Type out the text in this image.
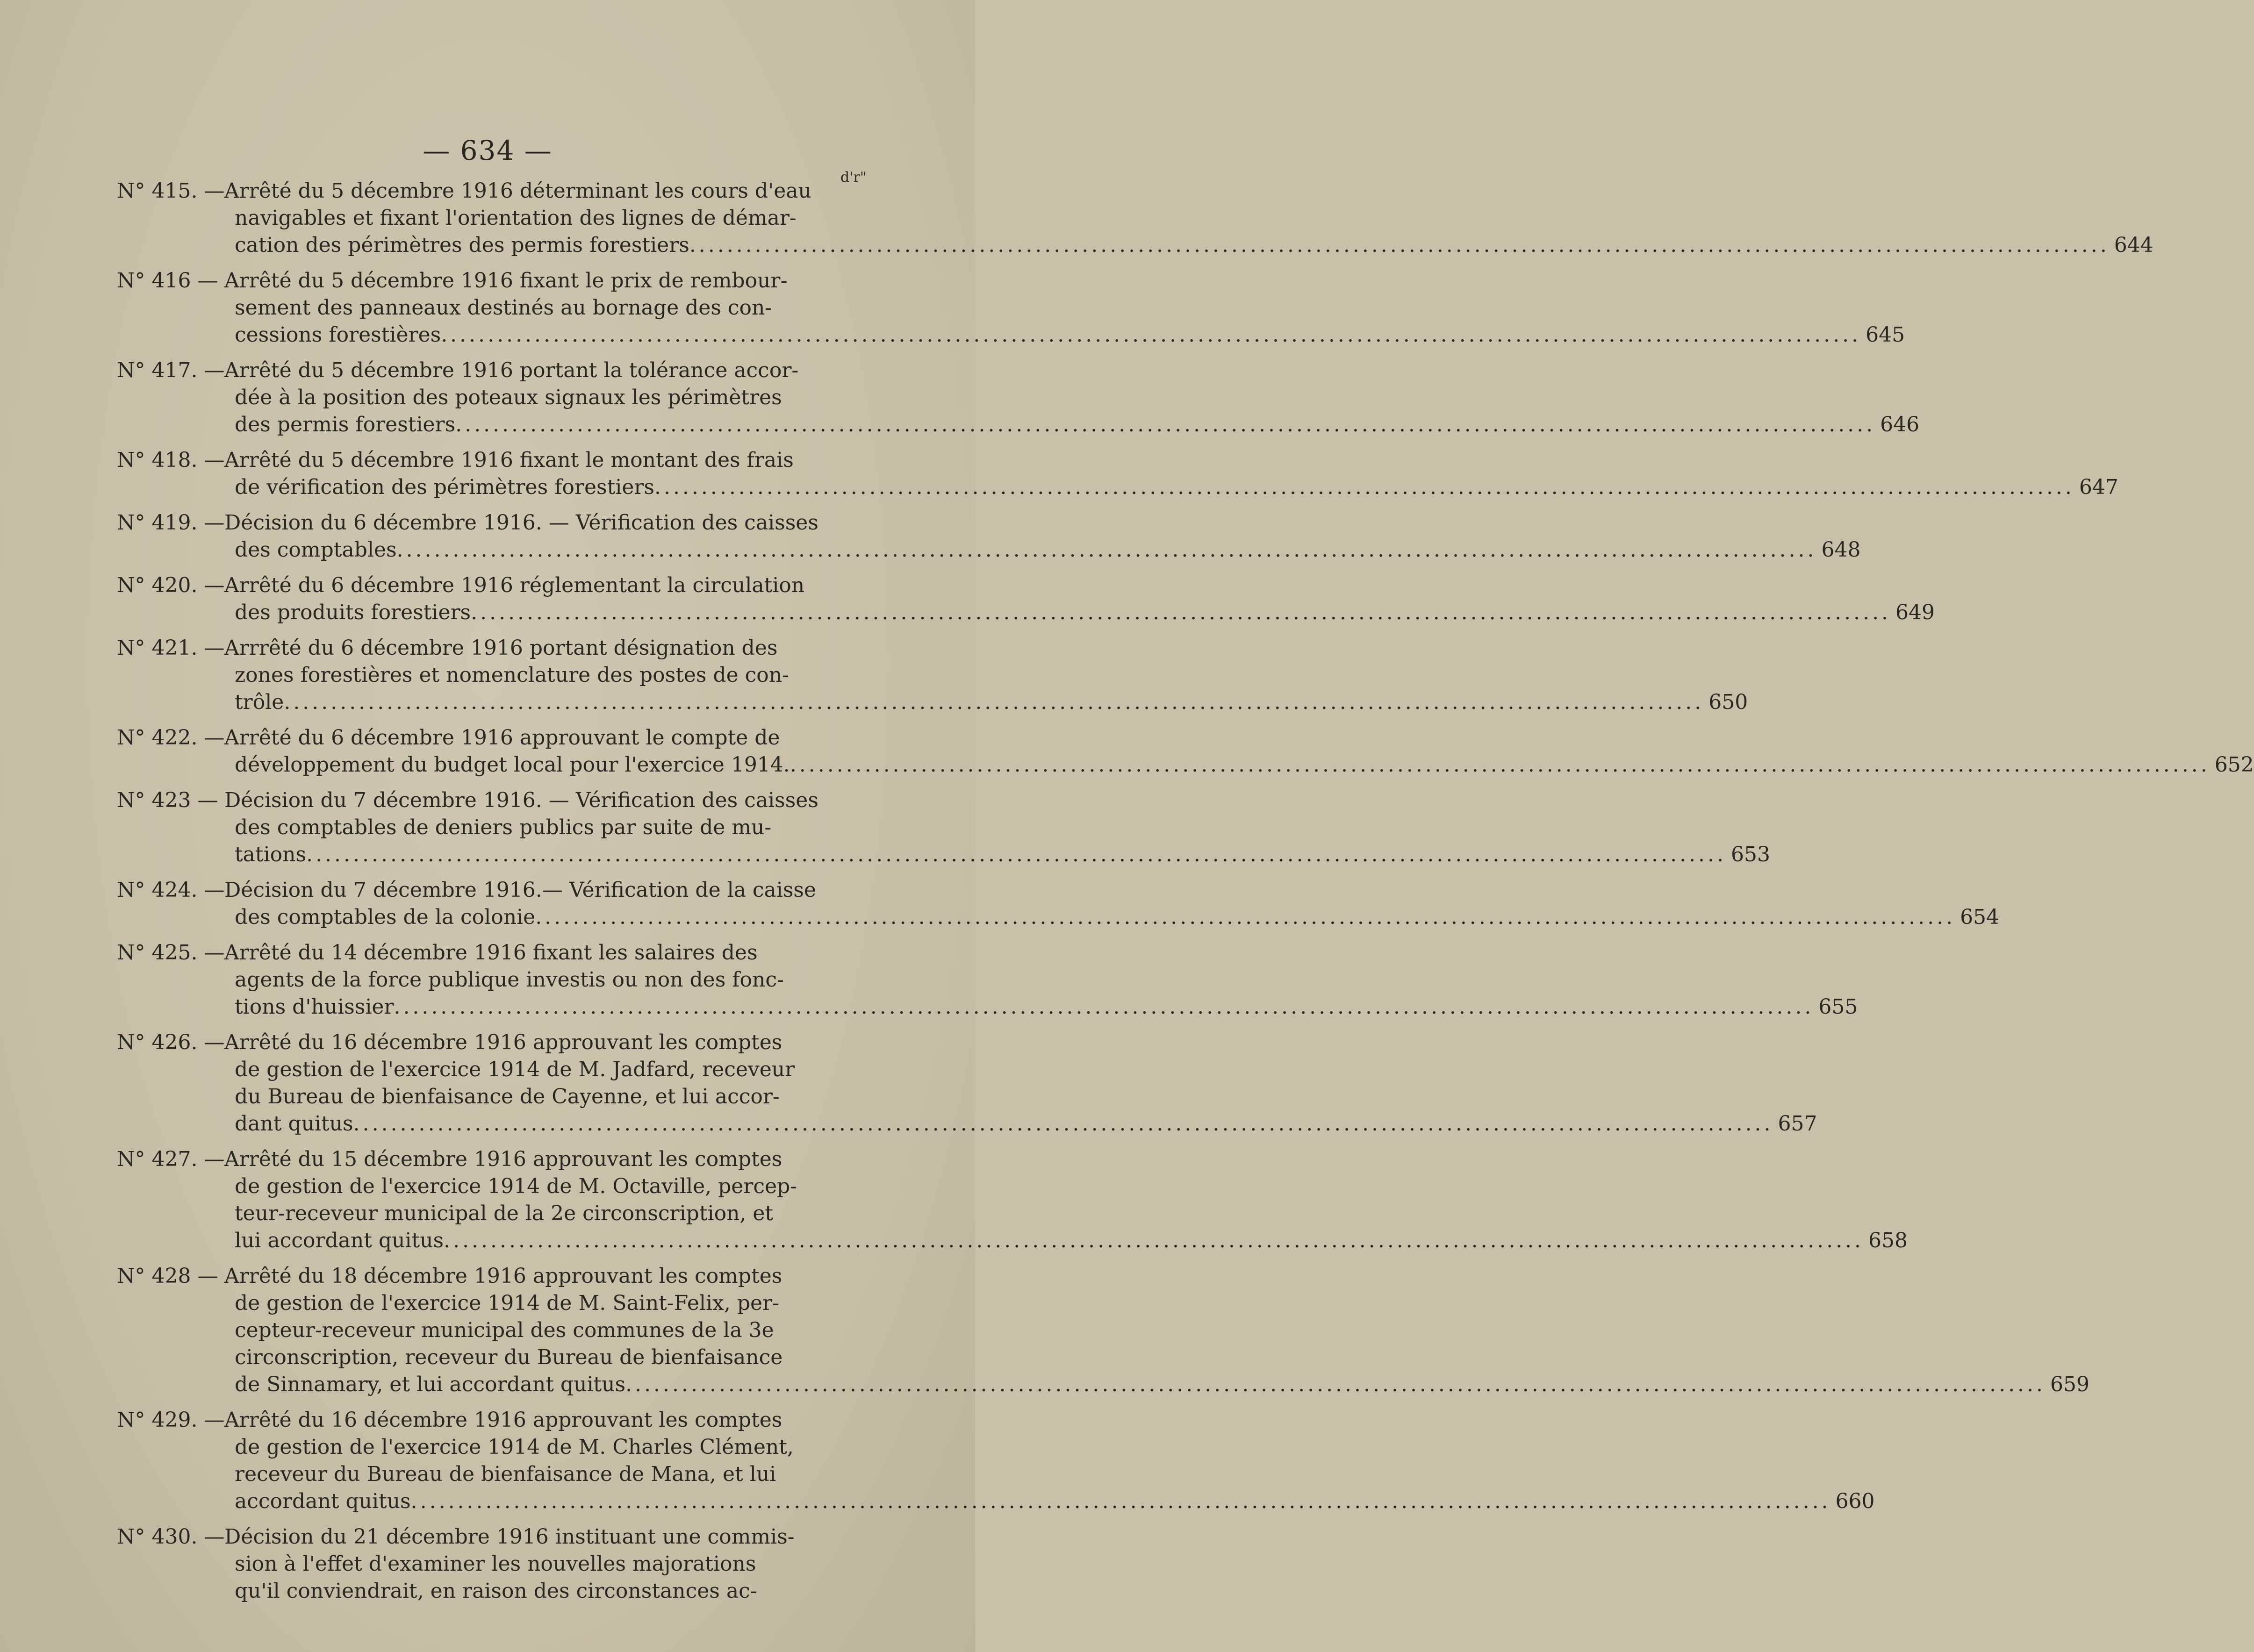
— 634 —
d'r"
N° 415. — Arrêté du 5 décembre 1916 déterminant les cours d'eau
navigables et fixant l'orientation des lignes de démar-
cation des périmètres des permis forestiers .....	644
N° 416 — Arrêté du 5 décembre 1916 fixant le prix de rembour-
sement des panneaux destinés au bornage des con-
cessions forestières .....	645
N° 417. — Arrêté du 5 décembre 1916 portant la tolérance accor-
dée à la position des poteaux signaux les périmètres
des permis forestiers .....	646
N° 418. — Arrêté du 5 décembre 1916 fixant le montant des frais
de vérification des périmètres forestiers .....	647
N° 419. — Décision du 6 décembre 1916. — Vérification des caisses
des comptables .....	648
N° 420. — Arrêté du 6 décembre 1916 réglementant la circulation
des produits forestiers .....	649
N° 421. — Arrrêté du 6 décembre 1916 portant désignation des
zones forestières et nomenclature des postes de con-
trôle .....	650
N° 422. — Arrêté du 6 décembre 1916 approuvant le compte de
développement du budget local pour l'exercice 1914. .....	652
N° 423 — Décision du 7 décembre 1916. — Vérification des caisses
des comptables de deniers publics par suite de mu-
tations .....	653
N° 424. — Décision du 7 décembre 1916.— Vérification de la caisse
des comptables de la colonie .....	654
N° 425. — Arrêté du 14 décembre 1916 fixant les salaires des
agents de la force publique investis ou non des fonc-
tions d'huissier .....	655
N° 426. — Arrêté du 16 décembre 1916 approuvant les comptes
de gestion de l'exercice 1914 de M. Jadfard, receveur
du Bureau de bienfaisance de Cayenne, et lui accor-
dant quitus .....	657
N° 427. — Arrêté du 15 décembre 1916 approuvant les comptes
de gestion de l'exercice 1914 de M. Octaville, percep-
teur-receveur municipal de la 2e circonscription, et
lui accordant quitus .....	658
N° 428 — Arrêté du 18 décembre 1916 approuvant les comptes
de gestion de l'exercice 1914 de M. Saint-Felix, per-
cepteur-receveur municipal des communes de la 3e
circonscription, receveur du Bureau de bienfaisance
de Sinnamary, et lui accordant quitus .....	659
N° 429. — Arrêté du 16 décembre 1916 approuvant les comptes
de gestion de l'exercice 1914 de M. Charles Clément,
receveur du Bureau de bienfaisance de Mana, et lui
accordant quitus .....	660
N° 430. — Décision du 21 décembre 1916 instituant une commis-
sion à l'effet d'examiner les nouvelles majorations
qu'il conviendrait, en raison des circonstances ac-
